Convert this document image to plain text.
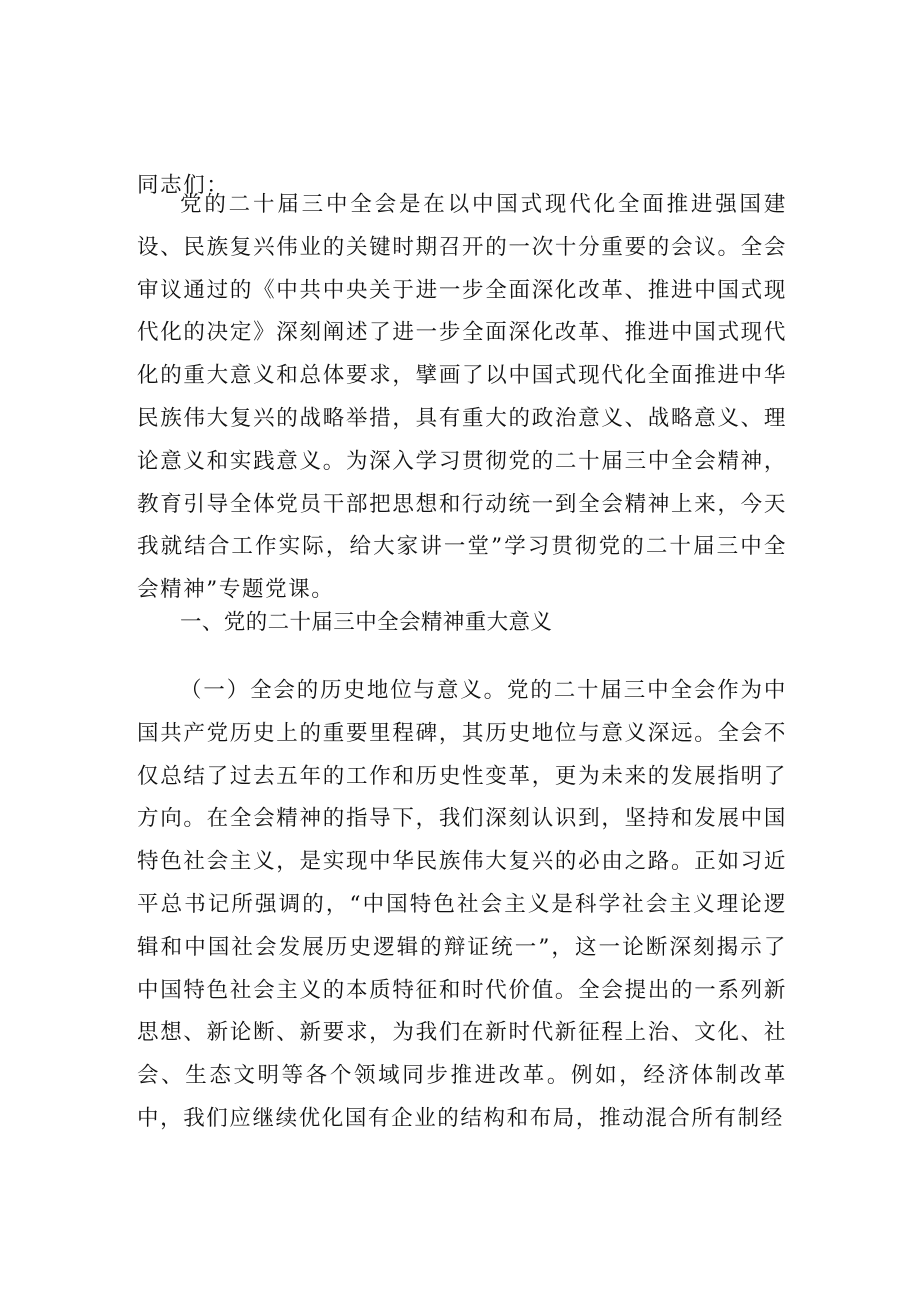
同志们：
党的二十届三中全会是在以中国式现代化全面推进强国建设、民族复兴伟业的关键时期召开的一次十分重要的会议。全会审议通过的《中共中央关于进一步全面深化改革、推进中国式现代化的决定》深刻阐述了进一步全面深化改革、推进中国式现代化的重大意义和总体要求，擘画了以中国式现代化全面推进中华民族伟大复兴的战略举措，具有重大的政治意义、战略意义、理论意义和实践意义。为深入学习贯彻党的二十届三中全会精神，教育引导全体党员干部把思想和行动统一到全会精神上来，今天我就结合工作实际，给大家讲一堂”学习贯彻党的二十届三中全会精神”专题党课。
一、党的二十届三中全会精神重大意义
（一）全会的历史地位与意义。党的二十届三中全会作为中国共产党历史上的重要里程碑，其历史地位与意义深远。全会不仅总结了过去五年的工作和历史性变革，更为未来的发展指明了方向。在全会精神的指导下，我们深刻认识到，坚持和发展中国特色社会主义，是实现中华民族伟大复兴的必由之路。正如习近平总书记所强调的，“中国特色社会主义是科学社会主义理论逻辑和中国社会发展历史逻辑的辩证统一”，这一论断深刻揭示了中国特色社会主义的本质特征和时代价值。全会提出的一系列新思想、新论断、新要求，为我们在新时代新征程上治、文化、社会、生态文明等各个领域同步推进改革。例如，经济体制改革中，我们应继续优化国有企业的结构和布局，推动混合所有制经
